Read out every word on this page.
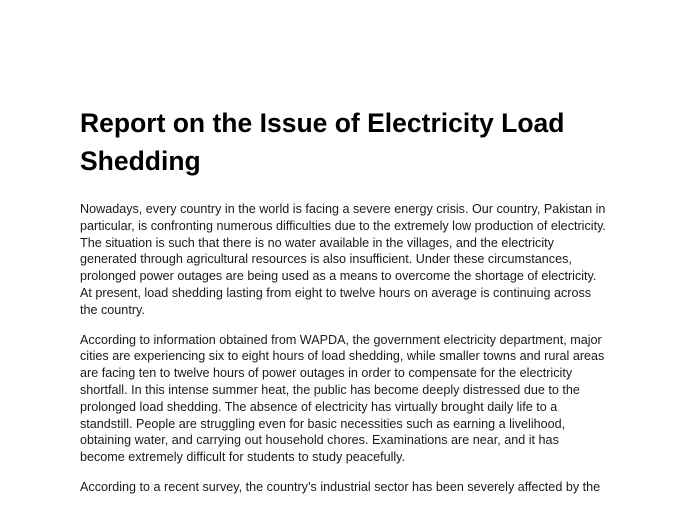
Report on the Issue of Electricity Load Shedding

Nowadays, every country in the world is facing a severe energy crisis. Our country, Pakistan in particular, is confronting numerous difficulties due to the extremely low production of electricity. The situation is such that there is no water available in the villages, and the electricity generated through agricultural resources is also insufficient. Under these circumstances, prolonged power outages are being used as a means to overcome the shortage of electricity. At present, load shedding lasting from eight to twelve hours on average is continuing across the country.

According to information obtained from WAPDA, the government electricity department, major cities are experiencing six to eight hours of load shedding, while smaller towns and rural areas are facing ten to twelve hours of power outages in order to compensate for the electricity shortfall. In this intense summer heat, the public has become deeply distressed due to the prolonged load shedding. The absence of electricity has virtually brought daily life to a standstill. People are struggling even for basic necessities such as earning a livelihood, obtaining water, and carrying out household chores. Examinations are near, and it has become extremely difficult for students to study peacefully.

According to a recent survey, the country’s industrial sector has been severely affected by the
